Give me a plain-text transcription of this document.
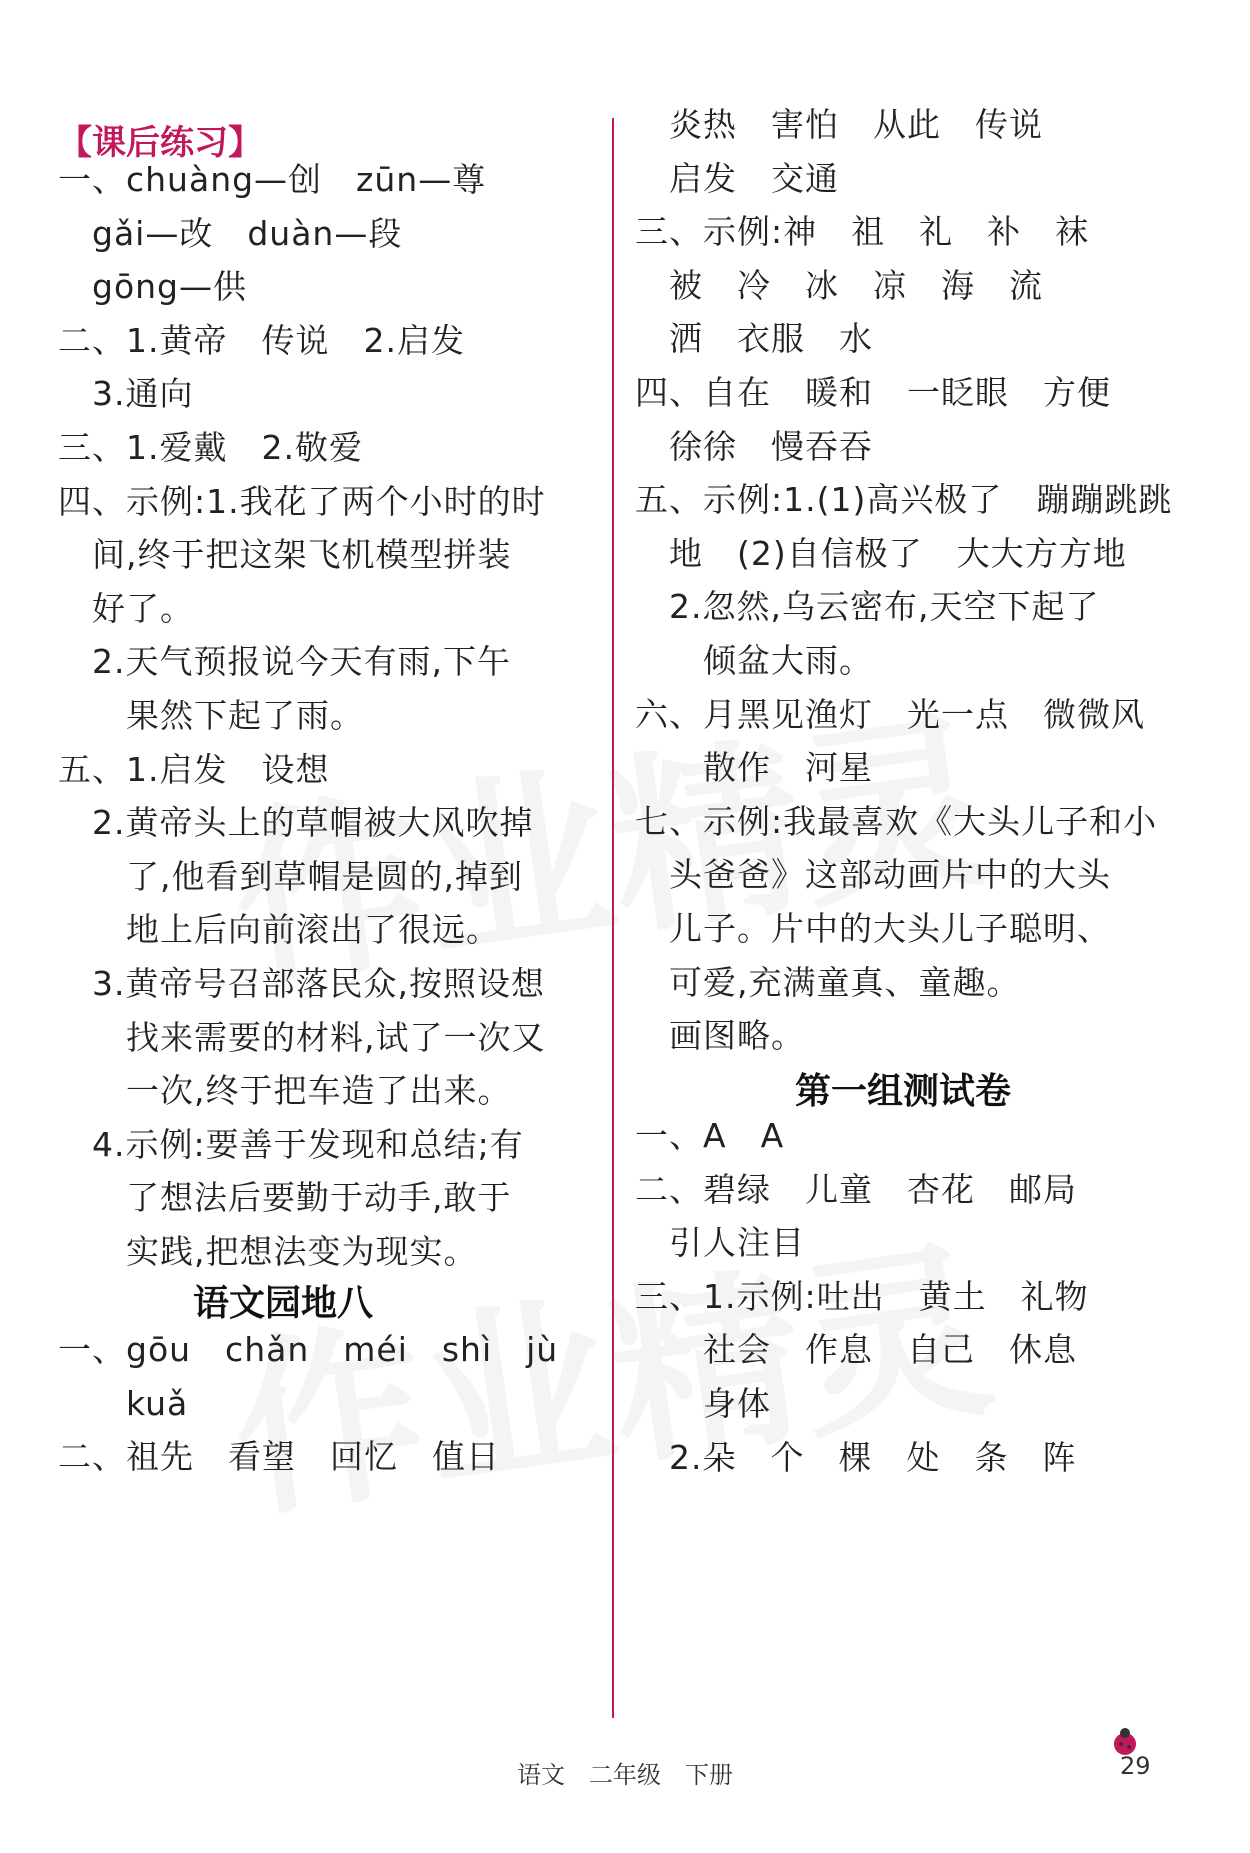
【课后练习】
一、chuàng—创　zūn—尊
　gǎi—改　duàn—段
　gōng—供
二、1.黄帝　传说　2.启发
　3.通向
三、1.爱戴　2.敬爱
四、示例:1.我花了两个小时的时
　间,终于把这架飞机模型拼装
　好了。
　2.天气预报说今天有雨,下午
　　果然下起了雨。
五、1.启发　设想
　2.黄帝头上的草帽被大风吹掉
　　了,他看到草帽是圆的,掉到
　　地上后向前滚出了很远。
　3.黄帝号召部落民众,按照设想
　　找来需要的材料,试了一次又
　　一次,终于把车造了出来。
　4.示例:要善于发现和总结;有
　　了想法后要勤于动手,敢于
　　实践,把想法变为现实。
语文园地八
一、gōu　chǎn　méi　shì　jù
　　kuǎ
二、祖先　看望　回忆　值日
　炎热　害怕　从此　传说
　启发　交通
三、示例:神　祖　礼　补　袜
　被　冷　冰　凉　海　流
　洒　衣服　水
四、自在　暖和　一眨眼　方便
　徐徐　慢吞吞
五、示例:1.(1)高兴极了　蹦蹦跳跳
　地　(2)自信极了　大大方方地
　2.忽然,乌云密布,天空下起了
　　倾盆大雨。
六、月黑见渔灯　光一点　微微风
　　散作　河星
七、示例:我最喜欢《大头儿子和小
　头爸爸》这部动画片中的大头
　儿子。片中的大头儿子聪明、
　可爱,充满童真、童趣。
　画图略。
第一组测试卷
一、A　A
二、碧绿　儿童　杏花　邮局
　引人注目
三、1.示例:吐出　黄土　礼物
　　社会　作息　自己　休息
　　身体
　2.朵　个　棵　处　条　阵
语文　二年级　下册	29
